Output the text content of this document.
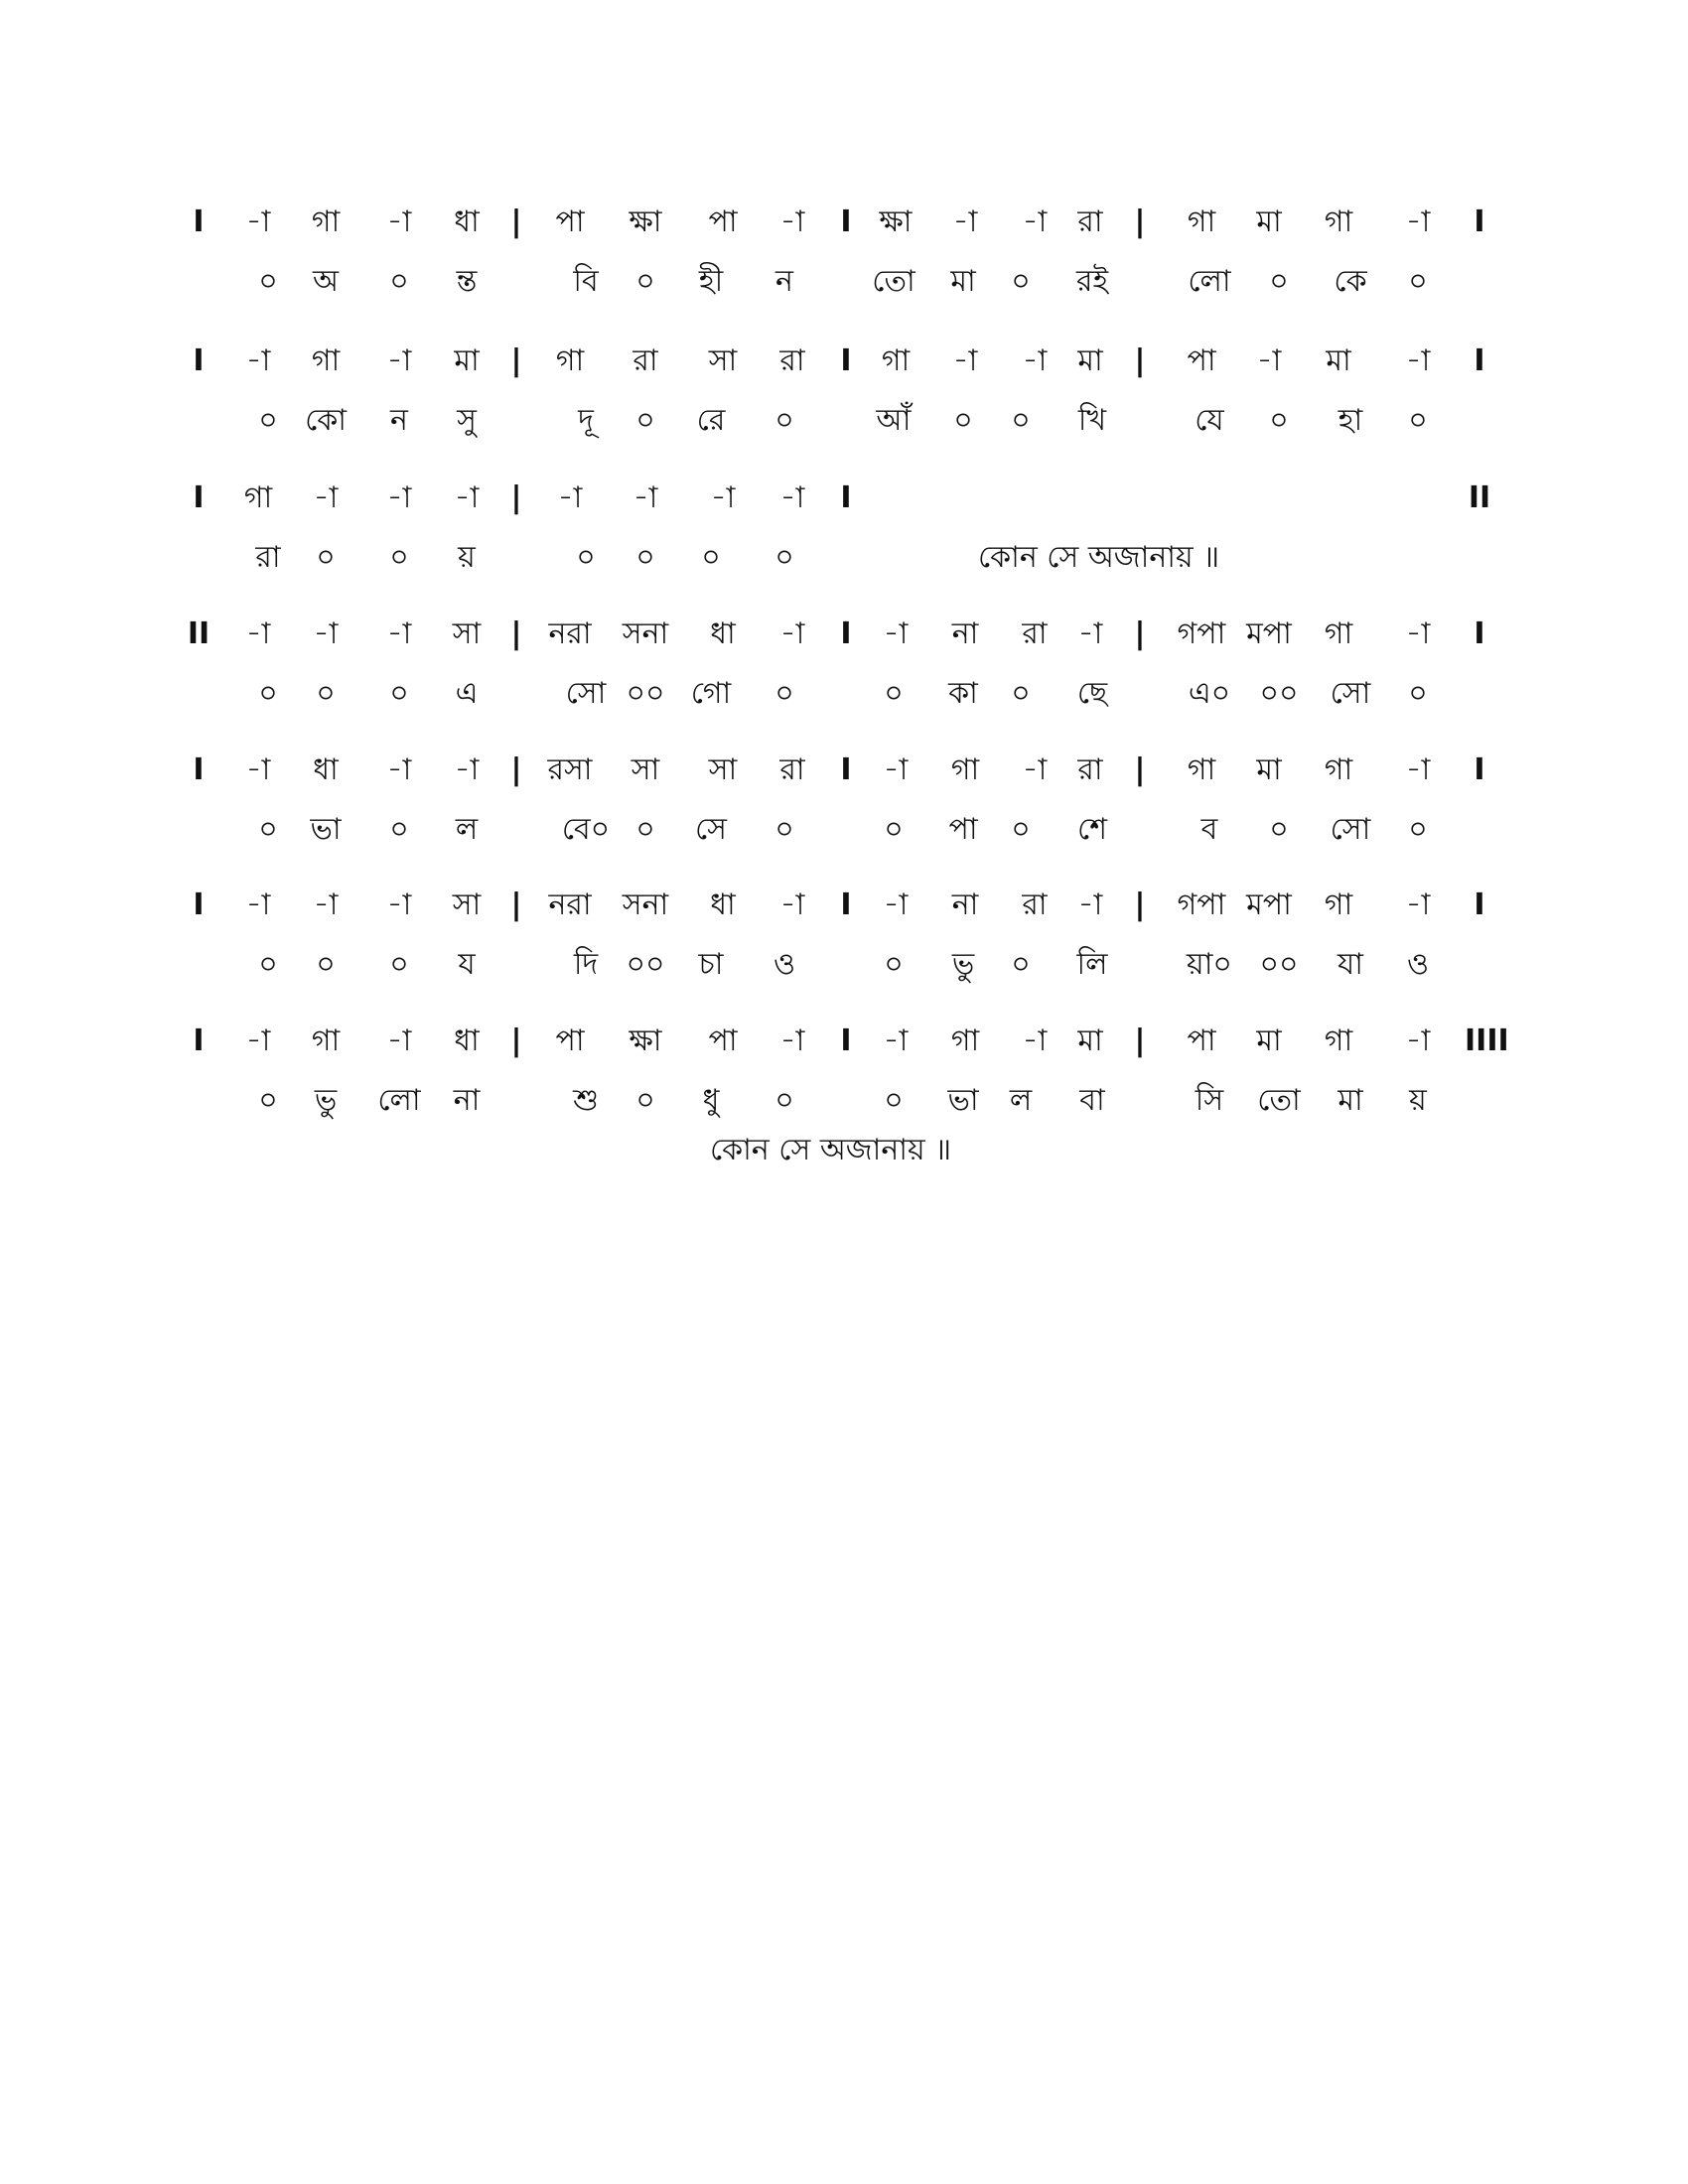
I	|	I	|	I
-া	গা	-া	ধা	পা	ক্ষা	পা	-া	ক্ষা	-া	-া	রা	গা	মা	গা	-া
০	অ	০	ন্ত	বি	০	হী	ন	তো	মা	০	রই	লো	০	কে	০
I	|	I	|	I
-া	গা	-া	মা	গা	রা	সা	রা	গা	-া	-া	মা	পা	-া	মা	-া
০ কো	ন	সু	দূ	০	রে	০	আঁ	০	০	খি	যে	০	হা	০
I	|	I	II
গা	-া	-া	-া	-া	-া	-া	-া
রা	০	০	য়	০	০	০	০	কোন সে অজানায় ॥
II	|	I	|	I
-া	-া	-া	সা	নরা	সনা	ধা	-া	-া	না	রা	-া	গপা মপা	গা	-া
০	০	০	এ	সো ০০ গো	০	০	কা	০	ছে	এ০ ০০	সো	০
I	|	I	|	I
-া	ধা	-া	-া	রসা	সা	সা	রা	-া	গা	-া	রা	গা	মা	গা	-া
০	ভা	০	ল	বে০ ০	সে	০	০	পা	০	শে	ব	০	সো	০
I	|	I	|	I
-া	-া	-া	সা	নরা	সনা	ধা	-া	-া	না	রা	-া	গপা মপা	গা	-া
০	০	০	য	দি ০০	চা	ও	০	ভু	০	লি	য়া০ ০০	যা	ও
I	|	I	|	IIII
-া	গা	-া	ধা	পা	ক্ষা	পা	-া	-া	গা	-া	মা	পা	মা	গা	-া
০	ভু	লো	না	শু	০	ধু	০	০	ভা	ল	বা	সি	তো	মা	য়
কোন সে অজানায় ॥
